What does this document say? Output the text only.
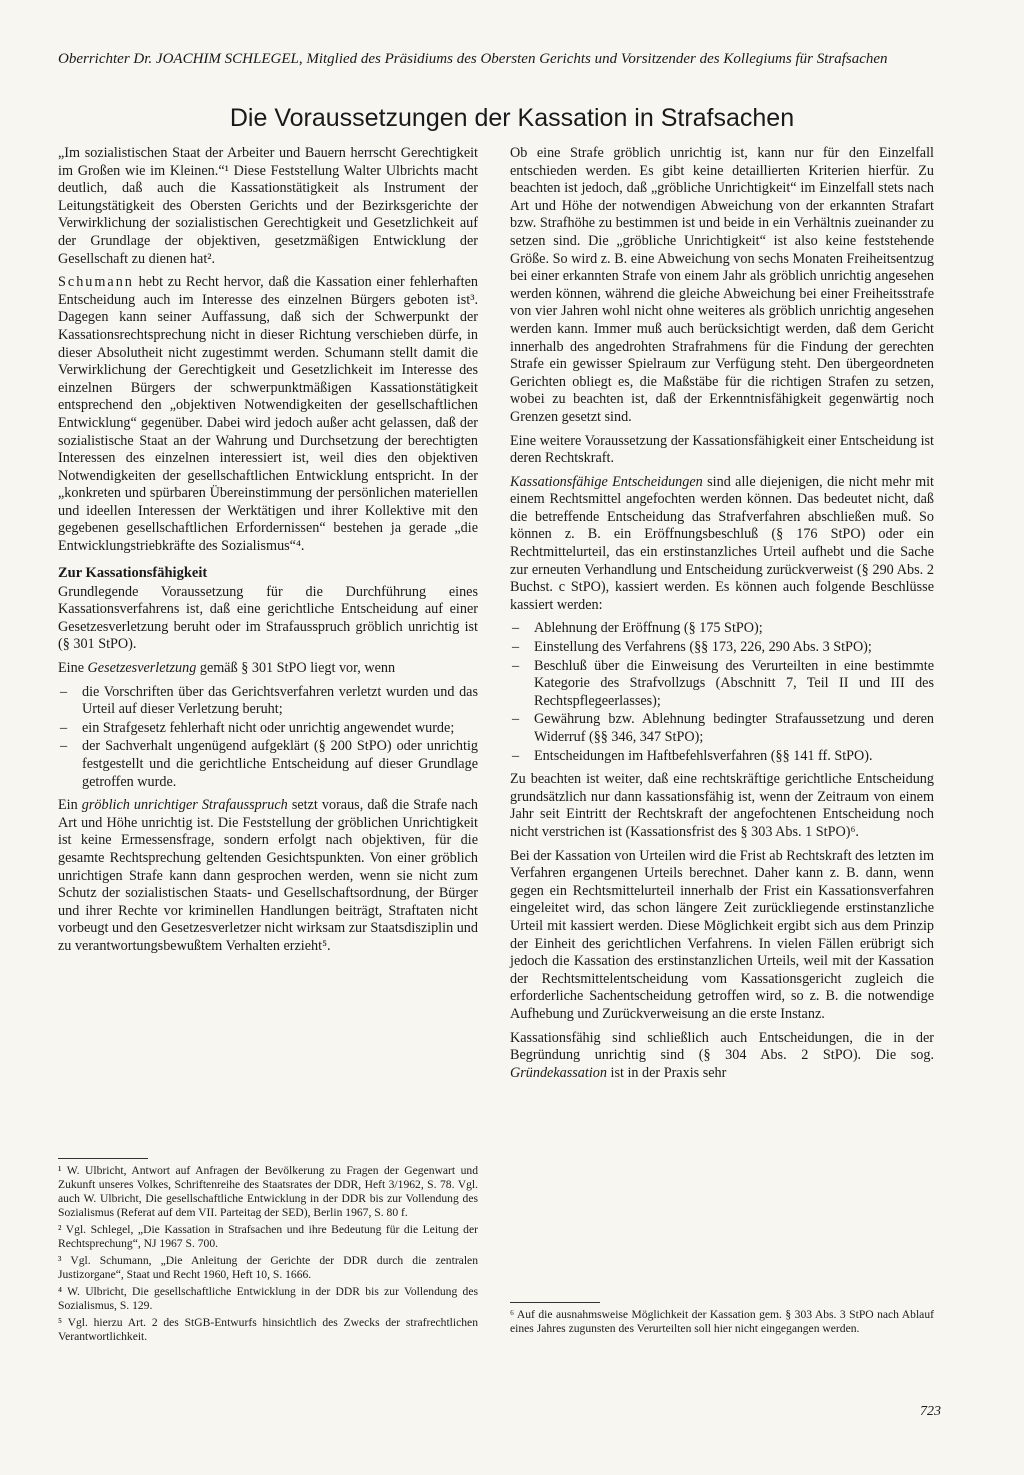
Oberrichter Dr. JOACHIM SCHLEGEL, Mitglied des Präsidiums des Obersten Gerichts und Vorsitzender des Kollegiums für Strafsachen
Die Voraussetzungen der Kassation in Strafsachen

„Im sozialistischen Staat der Arbeiter und Bauern herrscht Gerechtigkeit im Großen wie im Kleinen.“¹ Diese Feststellung Walter Ulbrichts macht deutlich, daß auch die Kassationstätigkeit als Instrument der Leitungstätigkeit des Obersten Gerichts und der Bezirksgerichte der Verwirklichung der sozialistischen Gerechtigkeit und Gesetzlichkeit auf der Grundlage der objektiven, gesetzmäßigen Entwicklung der Gesellschaft zu dienen hat².

Schumann hebt zu Recht hervor, daß die Kassation einer fehlerhaften Entscheidung auch im Interesse des einzelnen Bürgers geboten ist³. Dagegen kann seiner Auffassung, daß sich der Schwerpunkt der Kassationsrechtsprechung nicht in dieser Richtung verschieben dürfe, in dieser Absolutheit nicht zugestimmt werden. Schumann stellt damit die Verwirklichung der Gerechtigkeit und Gesetzlichkeit im Interesse des einzelnen Bürgers der schwerpunktmäßigen Kassationstätigkeit entsprechend den „objektiven Notwendigkeiten der gesellschaftlichen Entwicklung“ gegenüber. Dabei wird jedoch außer acht gelassen, daß der sozialistische Staat an der Wahrung und Durchsetzung der berechtigten Interessen des einzelnen interessiert ist, weil dies den objektiven Notwendigkeiten der gesellschaftlichen Entwicklung entspricht. In der „konkreten und spürbaren Übereinstimmung der persönlichen materiellen und ideellen Interessen der Werktätigen und ihrer Kollektive mit den gegebenen gesellschaftlichen Erfordernissen“ bestehen ja gerade „die Entwicklungstriebkräfte des Sozialismus“⁴.

Zur Kassationsfähigkeit

Grundlegende Voraussetzung für die Durchführung eines Kassationsverfahrens ist, daß eine gerichtliche Entscheidung auf einer Gesetzesverletzung beruht oder im Strafausspruch gröblich unrichtig ist (§ 301 StPO).

Eine Gesetzesverletzung gemäß § 301 StPO liegt vor, wenn

– die Vorschriften über das Gerichtsverfahren verletzt wurden und das Urteil auf dieser Verletzung beruht;
– ein Strafgesetz fehlerhaft nicht oder unrichtig angewendet wurde;
– der Sachverhalt ungenügend aufgeklärt (§ 200 StPO) oder unrichtig festgestellt und die gerichtliche Entscheidung auf dieser Grundlage getroffen wurde.

Ein gröblich unrichtiger Strafausspruch setzt voraus, daß die Strafe nach Art und Höhe unrichtig ist. Die Feststellung der gröblichen Unrichtigkeit ist keine Ermessensfrage, sondern erfolgt nach objektiven, für die gesamte Rechtsprechung geltenden Gesichtspunkten. Von einer gröblich unrichtigen Strafe kann dann gesprochen werden, wenn sie nicht zum Schutz der sozialistischen Staats- und Gesellschaftsordnung, der Bürger und ihrer Rechte vor kriminellen Handlungen beiträgt, Straftaten nicht vorbeugt und den Gesetzesverletzer nicht wirksam zur Staatsdisziplin und zu verantwortungsbewußtem Verhalten erzieht⁵.

¹ W. Ulbricht, Antwort auf Anfragen der Bevölkerung zu Fragen der Gegenwart und Zukunft unseres Volkes, Schriftenreihe des Staatsrates der DDR, Heft 3/1962, S. 78. Vgl. auch W. Ulbricht, Die gesellschaftliche Entwicklung in der DDR bis zur Vollendung des Sozialismus (Referat auf dem VII. Parteitag der SED), Berlin 1967, S. 80 f.

² Vgl. Schlegel, „Die Kassation in Strafsachen und ihre Bedeutung für die Leitung der Rechtsprechung“, NJ 1967 S. 700.

³ Vgl. Schumann, „Die Anleitung der Gerichte der DDR durch die zentralen Justizorgane“, Staat und Recht 1960, Heft 10, S. 1666.

⁴ W. Ulbricht, Die gesellschaftliche Entwicklung in der DDR bis zur Vollendung des Sozialismus, S. 129.

⁵ Vgl. hierzu Art. 2 des StGB-Entwurfs hinsichtlich des Zwecks der strafrechtlichen Verantwortlichkeit.

Ob eine Strafe gröblich unrichtig ist, kann nur für den Einzelfall entschieden werden. Es gibt keine detaillierten Kriterien hierfür. Zu beachten ist jedoch, daß „gröbliche Unrichtigkeit“ im Einzelfall stets nach Art und Höhe der notwendigen Abweichung von der erkannten Strafart bzw. Strafhöhe zu bestimmen ist und beide in ein Verhältnis zueinander zu setzen sind. Die „gröbliche Unrichtigkeit“ ist also keine feststehende Größe. So wird z. B. eine Abweichung von sechs Monaten Freiheitsentzug bei einer erkannten Strafe von einem Jahr als gröblich unrichtig angesehen werden können, während die gleiche Abweichung bei einer Freiheitsstrafe von vier Jahren wohl nicht ohne weiteres als gröblich unrichtig angesehen werden kann. Immer muß auch berücksichtigt werden, daß dem Gericht innerhalb des angedrohten Strafrahmens für die Findung der gerechten Strafe ein gewisser Spielraum zur Verfügung steht. Den übergeordneten Gerichten obliegt es, die Maßstäbe für die richtigen Strafen zu setzen, wobei zu beachten ist, daß der Erkenntnisfähigkeit gegenwärtig noch Grenzen gesetzt sind.

Eine weitere Voraussetzung der Kassationsfähigkeit einer Entscheidung ist deren Rechtskraft.

Kassationsfähige Entscheidungen sind alle diejenigen, die nicht mehr mit einem Rechtsmittel angefochten werden können. Das bedeutet nicht, daß die betreffende Entscheidung das Strafverfahren abschließen muß. So können z. B. ein Eröffnungsbeschluß (§ 176 StPO) oder ein Rechtmittelurteil, das ein erstinstanzliches Urteil aufhebt und die Sache zur erneuten Verhandlung und Entscheidung zurückverweist (§ 290 Abs. 2 Buchst. c StPO), kassiert werden. Es können auch folgende Beschlüsse kassiert werden:

– Ablehnung der Eröffnung (§ 175 StPO);
– Einstellung des Verfahrens (§§ 173, 226, 290 Abs. 3 StPO);
– Beschluß über die Einweisung des Verurteilten in eine bestimmte Kategorie des Strafvollzugs (Abschnitt 7, Teil II und III des Rechtspflegeerlasses);
– Gewährung bzw. Ablehnung bedingter Strafaussetzung und deren Widerruf (§§ 346, 347 StPO);
– Entscheidungen im Haftbefehlsverfahren (§§ 141 ff. StPO).

Zu beachten ist weiter, daß eine rechtskräftige gerichtliche Entscheidung grundsätzlich nur dann kassationsfähig ist, wenn der Zeitraum von einem Jahr seit Eintritt der Rechtskraft der angefochtenen Entscheidung noch nicht verstrichen ist (Kassationsfrist des § 303 Abs. 1 StPO)⁶.

Bei der Kassation von Urteilen wird die Frist ab Rechtskraft des letzten im Verfahren ergangenen Urteils berechnet. Daher kann z. B. dann, wenn gegen ein Rechtsmittelurteil innerhalb der Frist ein Kassationsverfahren eingeleitet wird, das schon längere Zeit zurückliegende erstinstanzliche Urteil mit kassiert werden. Diese Möglichkeit ergibt sich aus dem Prinzip der Einheit des gerichtlichen Verfahrens. In vielen Fällen erübrigt sich jedoch die Kassation des erstinstanzlichen Urteils, weil mit der Kassation der Rechtsmittelentscheidung vom Kassationsgericht zugleich die erforderliche Sachentscheidung getroffen wird, so z. B. die notwendige Aufhebung und Zurückverweisung an die erste Instanz.

Kassationsfähig sind schließlich auch Entscheidungen, die in der Begründung unrichtig sind (§ 304 Abs. 2 StPO). Die sog. Gründekassation ist in der Praxis sehr

⁶ Auf die ausnahmsweise Möglichkeit der Kassation gem. § 303 Abs. 3 StPO nach Ablauf eines Jahres zugunsten des Verurteilten soll hier nicht eingegangen werden.

723
